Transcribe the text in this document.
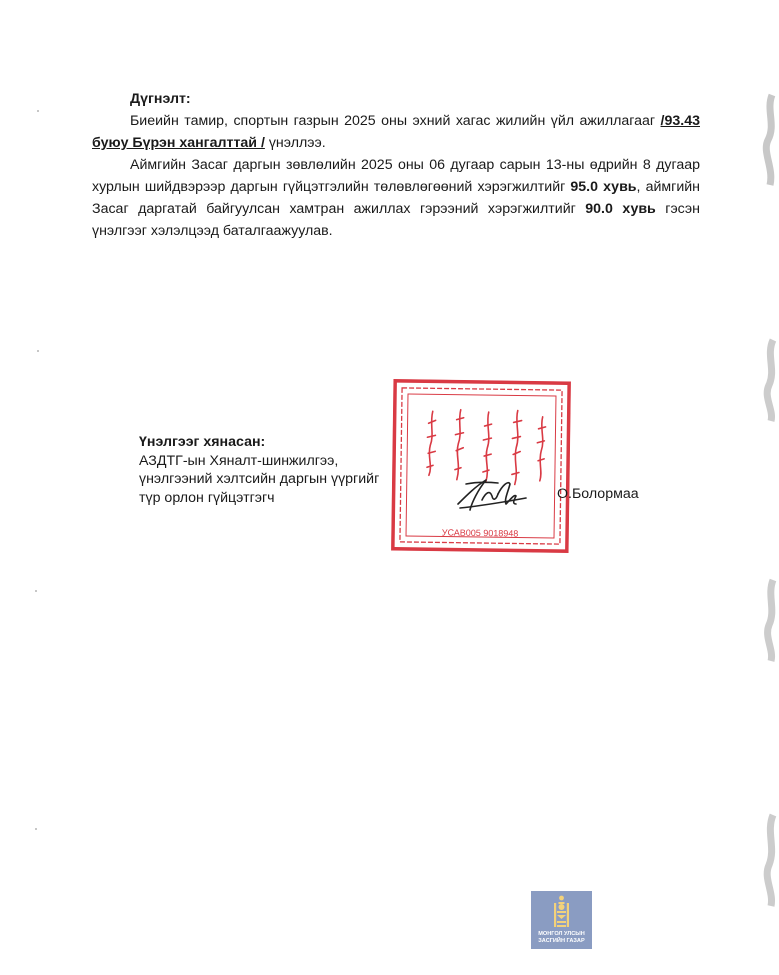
Дүгнэлт:

Биеийн тамир, спортын газрын 2025 оны эхний хагас жилийн үйл ажиллагааг /93.43 буюу Бүрэн хангалттай / үнэллээ.

Аймгийн Засаг даргын зөвлөлийн 2025 оны 06 дугаар сарын 13-ны өдрийн 8 дугаар хурлын шийдвэрээр даргын гүйцэтгэлийн төлөвлөгөөний хэрэгжилтийг 95.0 хувь, аймгийн Засаг даргатай байгуулсан хамтран ажиллах гэрээний хэрэгжилтийг 90.0 хувь гэсэн үнэлгээг хэлэлцээд баталгаажуулав.

УСАВ005 9018948
Үнэлгээг хянасан:
АЗДТГ-ын Хяналт-шинжилгээ,
үнэлгээний хэлтсийн даргын үүргийг
түр орлон гүйцэтгэгч	О.Болормаа
МОНГОЛ УЛСЫН
ЗАСГИЙН ГАЗАР
